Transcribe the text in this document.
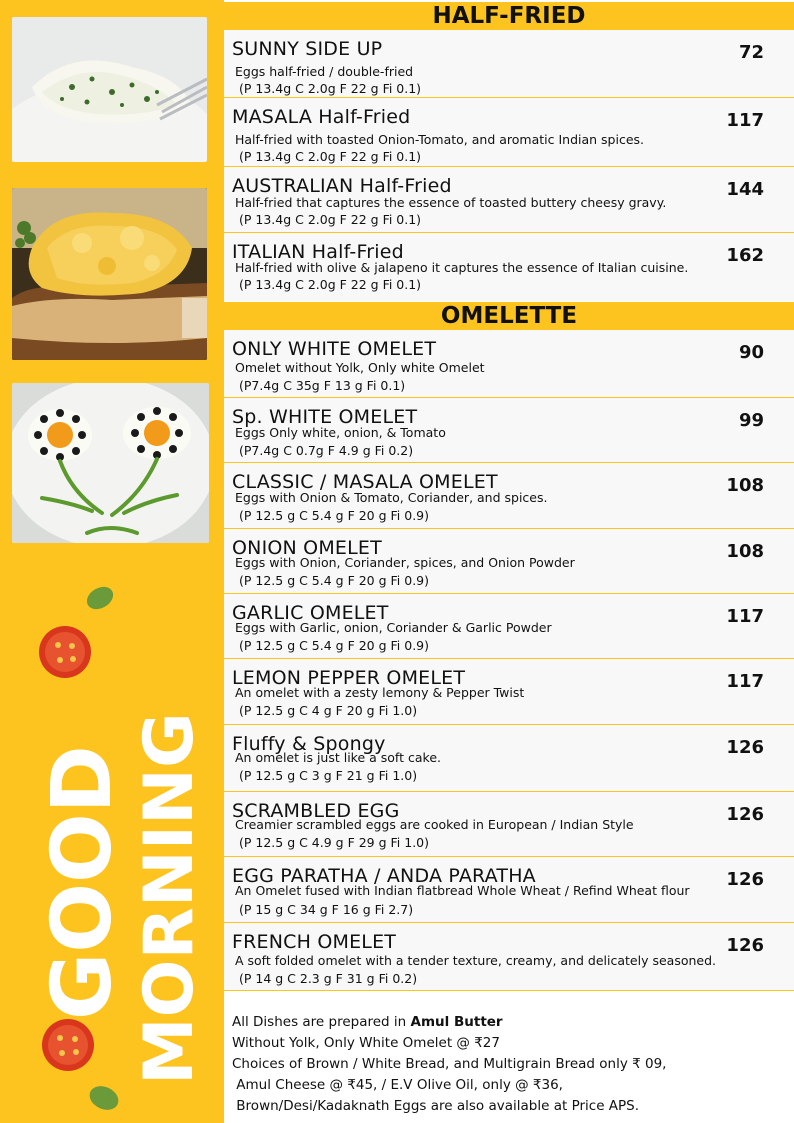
GOOD MORNING
HALF-FRIED
SUNNY SIDE UP	72
Eggs half-fried / double-fried
(P 13.4g C 2.0g F 22 g Fi 0.1)
MASALA Half-Fried	117
Half-fried with toasted Onion-Tomato, and aromatic Indian spices.
(P 13.4g C 2.0g F 22 g Fi 0.1)
AUSTRALIAN Half-Fried	144
Half-fried that captures the essence of toasted buttery cheesy gravy.
(P 13.4g C 2.0g F 22 g Fi 0.1)
ITALIAN Half-Fried	162
Half-fried with olive & jalapeno it captures the essence of Italian cuisine.
(P 13.4g C 2.0g F 22 g Fi 0.1)
OMELETTE
ONLY WHITE OMELET	90
Omelet without Yolk, Only white Omelet
(P7.4g C 35g F 13 g Fi 0.1)
Sp. WHITE OMELET	99
Eggs Only white, onion, & Tomato
(P7.4g C 0.7g F 4.9 g Fi 0.2)
CLASSIC / MASALA OMELET	108
Eggs with Onion & Tomato, Coriander, and spices.
(P 12.5 g C 5.4 g F 20 g Fi 0.9)
ONION OMELET	108
Eggs with Onion, Coriander, spices, and Onion Powder
(P 12.5 g C 5.4 g F 20 g Fi 0.9)
GARLIC OMELET	117
Eggs with Garlic, onion, Coriander & Garlic Powder
(P 12.5 g C 5.4 g F 20 g Fi 0.9)
LEMON PEPPER OMELET	117
An omelet with a zesty lemony & Pepper Twist
(P 12.5 g C 4 g F 20 g Fi 1.0)
Fluffy & Spongy	126
An omelet is just like a soft cake.
(P 12.5 g C 3 g F 21 g Fi 1.0)
SCRAMBLED EGG	126
Creamier scrambled eggs are cooked in European / Indian Style
(P 12.5 g C 4.9 g F 29 g Fi 1.0)
EGG PARATHA / ANDA PARATHA	126
An Omelet fused with Indian flatbread Whole Wheat / Refind Wheat flour
(P 15 g C 34 g F 16 g Fi 2.7)
FRENCH OMELET	126
A soft folded omelet with a tender texture, creamy, and delicately seasoned.
(P 14 g C 2.3 g F 31 g Fi 0.2)
All Dishes are prepared in Amul Butter
Without Yolk, Only White Omelet @ ₹27
Choices of Brown / White Bread, and Multigrain Bread only ₹ 09,
Amul Cheese @ ₹45, / E.V Olive Oil, only @ ₹36,
Brown/Desi/Kadaknath Eggs are also available at Price APS.
